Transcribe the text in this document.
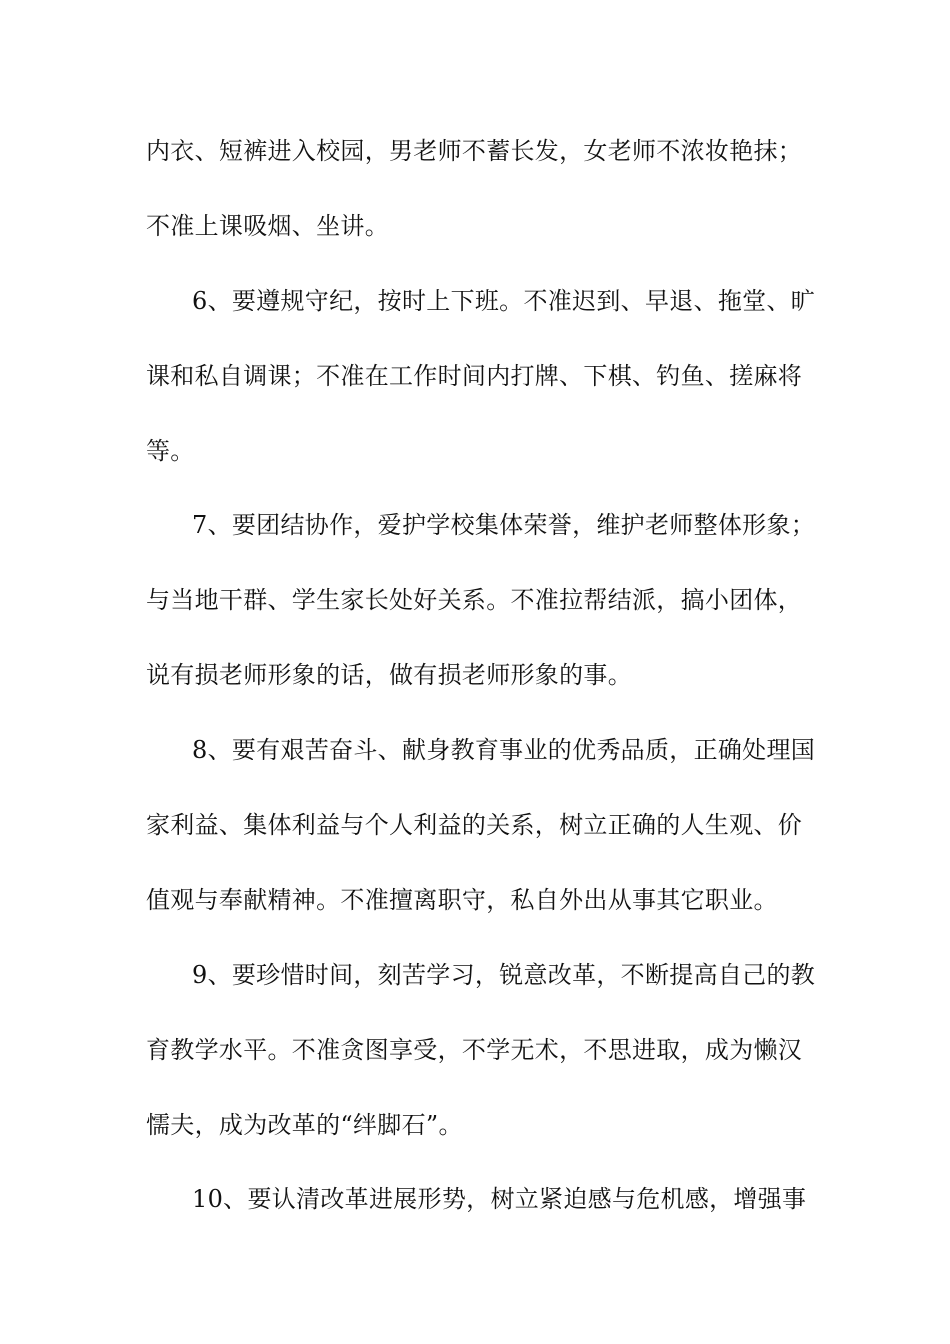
内衣、短裤进入校园，男老师不蓄长发，女老师不浓妆艳抹；
不准上课吸烟、坐讲。
6、要遵规守纪，按时上下班。不准迟到、早退、拖堂、旷
课和私自调课；不准在工作时间内打牌、下棋、钓鱼、搓麻将
等。
7、要团结协作，爱护学校集体荣誉，维护老师整体形象；
与当地干群、学生家长处好关系。不准拉帮结派，搞小团体，
说有损老师形象的话，做有损老师形象的事。
8、要有艰苦奋斗、献身教育事业的优秀品质，正确处理国
家利益、集体利益与个人利益的关系，树立正确的人生观、价
值观与奉献精神。不准擅离职守，私自外出从事其它职业。
9、要珍惜时间，刻苦学习，锐意改革，不断提高自己的教
育教学水平。不准贪图享受，不学无术，不思进取，成为懒汉
懦夫，成为改革的“绊脚石”。
10、要认清改革进展形势，树立紧迫感与危机感，增强事
